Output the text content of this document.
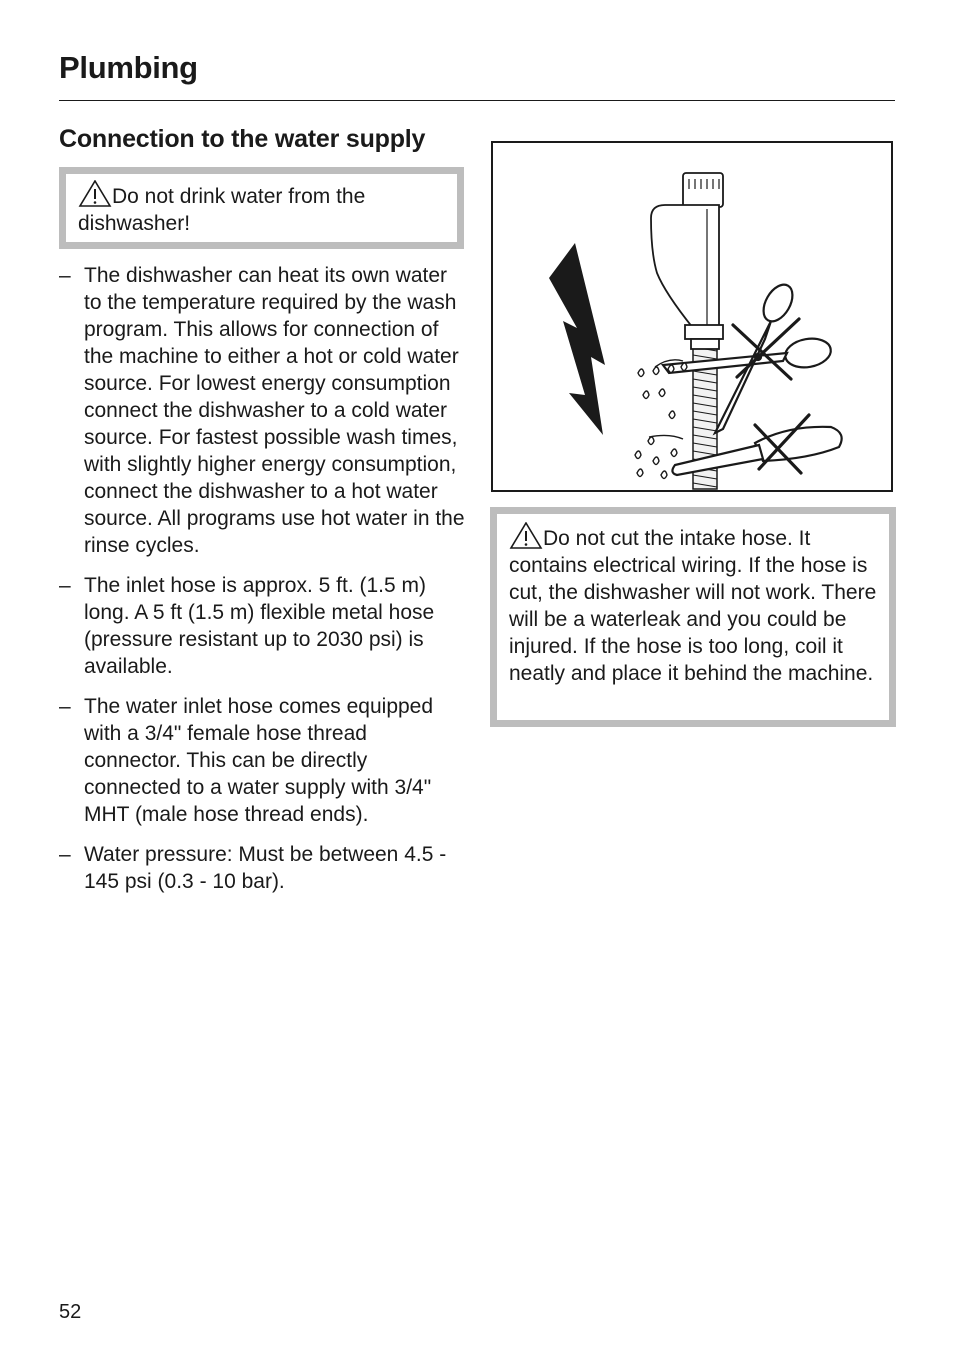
Plumbing
Connection to the water supply
Do not drink water from the dishwasher!
– The dishwasher can heat its own water to the temperature required by the wash program. This allows for connection of the machine to either a hot or cold water source. For lowest energy consumption connect the dishwasher to a cold water source. For fastest possible wash times, with slightly higher energy consumption, connect the dishwasher to a hot water source. All programs use hot water in the rinse cycles.
– The inlet hose is approx. 5 ft. (1.5 m) long. A 5 ft (1.5 m) flexible metal hose (pressure resistant up to 2030 psi) is available.
– The water inlet hose comes equipped with a 3/4" female hose thread connector. This can be directly connected to a water supply with 3/4" MHT (male hose thread ends).
– Water pressure: Must be between 4.5 - 145 psi (0.3 - 10 bar).
Do not cut the intake hose. It contains electrical wiring. If the hose is cut, the dishwasher will not work. There will be a waterleak and you could be injured. If the hose is too long, coil it neatly and place it behind the machine.
52
